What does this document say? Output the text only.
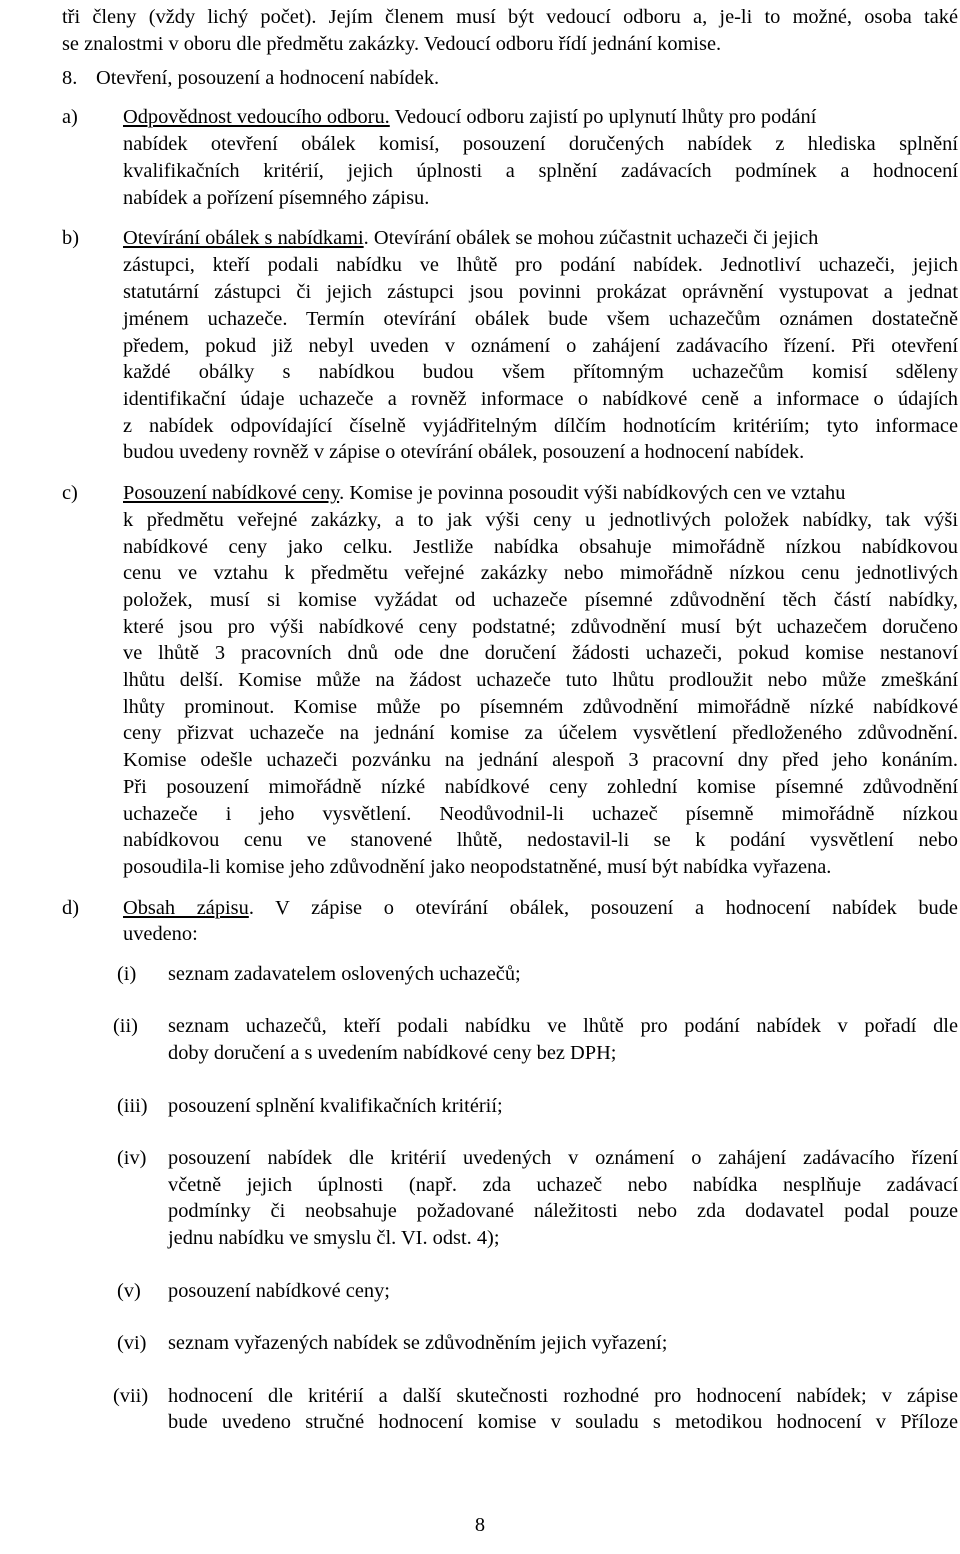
tři členy (vždy lichý počet). Jejím členem musí být vedoucí odboru a, je-li to možné, osoba také
se znalostmi v oboru dle předmětu zakázky. Vedoucí odboru řídí jednání komise.
8. Otevření, posouzení a hodnocení nabídek.
a) Odpovědnost vedoucího odboru. Vedoucí odboru zajistí po uplynutí lhůty pro podání
nabídek otevření obálek komisí, posouzení doručených nabídek z hlediska splnění
kvalifikačních kritérií, jejich úplnosti a splnění zadávacích podmínek a hodnocení
nabídek a pořízení písemného zápisu.
b) Otevírání obálek s nabídkami. Otevírání obálek se mohou zúčastnit uchazeči či jejich
zástupci, kteří podali nabídku ve lhůtě pro podání nabídek. Jednotliví uchazeči, jejich
statutární zástupci či jejich zástupci jsou povinni prokázat oprávnění vystupovat a jednat
jménem uchazeče. Termín otevírání obálek bude všem uchazečům oznámen dostatečně
předem, pokud již nebyl uveden v oznámení o zahájení zadávacího řízení. Při otevření
každé obálky s nabídkou budou všem přítomným uchazečům komisí sděleny
identifikační údaje uchazeče a rovněž informace o nabídkové ceně a informace o údajích
z nabídek odpovídající číselně vyjádřitelným dílčím hodnotícím kritériím; tyto informace
budou uvedeny rovněž v zápise o otevírání obálek, posouzení a hodnocení nabídek.
c) Posouzení nabídkové ceny. Komise je povinna posoudit výši nabídkových cen ve vztahu
k předmětu veřejné zakázky, a to jak výši ceny u jednotlivých položek nabídky, tak výši
nabídkové ceny jako celku. Jestliže nabídka obsahuje mimořádně nízkou nabídkovou
cenu ve vztahu k předmětu veřejné zakázky nebo mimořádně nízkou cenu jednotlivých
položek, musí si komise vyžádat od uchazeče písemné zdůvodnění těch částí nabídky,
které jsou pro výši nabídkové ceny podstatné; zdůvodnění musí být uchazečem doručeno
ve lhůtě 3 pracovních dnů ode dne doručení žádosti uchazeči, pokud komise nestanoví
lhůtu delší. Komise může na žádost uchazeče tuto lhůtu prodloužit nebo může zmeškání
lhůty prominout. Komise může po písemném zdůvodnění mimořádně nízké nabídkové
ceny přizvat uchazeče na jednání komise za účelem vysvětlení předloženého zdůvodnění.
Komise odešle uchazeči pozvánku na jednání alespoň 3 pracovní dny před jeho konáním.
Při posouzení mimořádně nízké nabídkové ceny zohlední komise písemné zdůvodnění
uchazeče i jeho vysvětlení. Neodůvodnil-li uchazeč písemně mimořádně nízkou
nabídkovou cenu ve stanovené lhůtě, nedostavil-li se k podání vysvětlení nebo
posoudila-li komise jeho zdůvodnění jako neopodstatněné, musí být nabídka vyřazena.
d) Obsah zápisu. V zápise o otevírání obálek, posouzení a hodnocení nabídek bude
uvedeno:
(i) seznam zadavatelem oslovených uchazečů;
(ii) seznam uchazečů, kteří podali nabídku ve lhůtě pro podání nabídek v pořadí dle
doby doručení a s uvedením nabídkové ceny bez DPH;
(iii) posouzení splnění kvalifikačních kritérií;
(iv) posouzení nabídek dle kritérií uvedených v oznámení o zahájení zadávacího řízení
včetně jejich úplnosti (např. zda uchazeč nebo nabídka nesplňuje zadávací
podmínky či neobsahuje požadované náležitosti nebo zda dodavatel podal pouze
jednu nabídku ve smyslu čl. VI. odst. 4);
(v) posouzení nabídkové ceny;
(vi) seznam vyřazených nabídek se zdůvodněním jejich vyřazení;
(vii) hodnocení dle kritérií a další skutečnosti rozhodné pro hodnocení nabídek; v zápise
bude uvedeno stručné hodnocení komise v souladu s metodikou hodnocení v Příloze
8
